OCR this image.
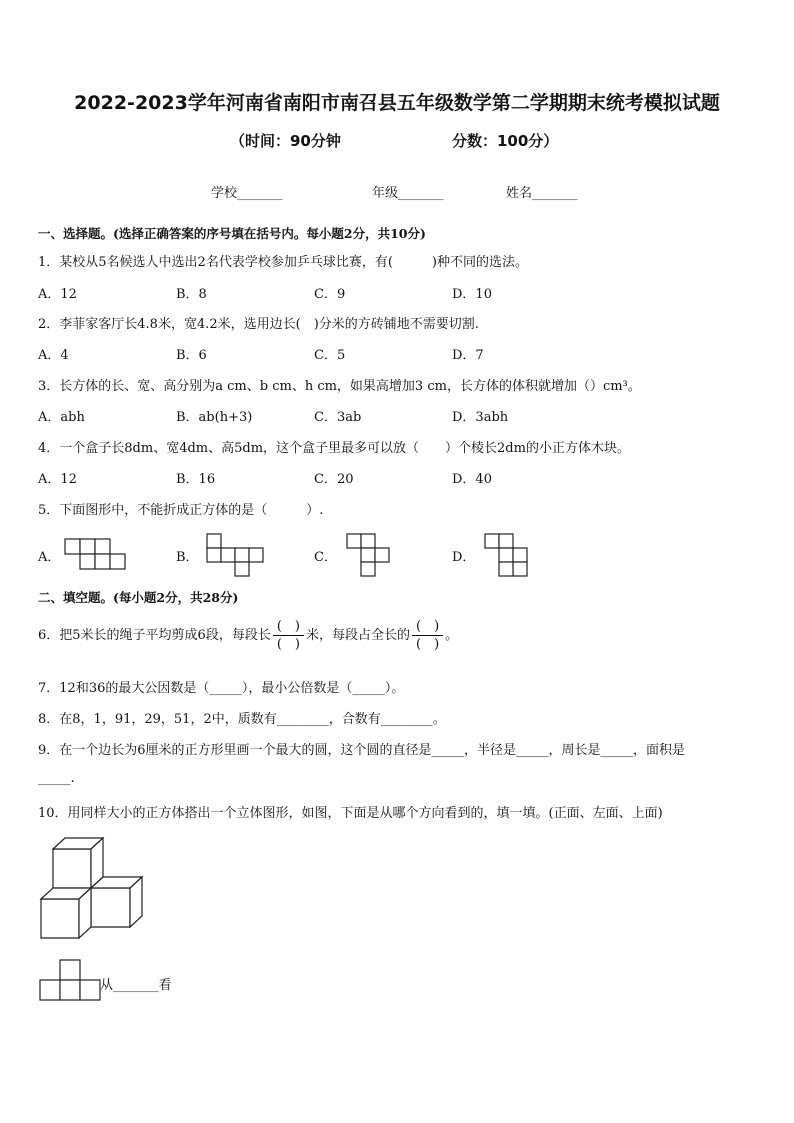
2022-2023学年河南省南阳市南召县五年级数学第二学期期末统考模拟试题
（时间：90分钟	分数：100分）
学校_______	年级_______	姓名_______
一、选择题。(选择正确答案的序号填在括号内。每小题2分，共10分)
1．某校从5名候选人中选出2名代表学校参加乒乓球比赛，有(　　　)种不同的选法。
A．12	B．8	C．9	D．10
2．李菲家客厅长4.8米，宽4.2米，选用边长(　)分米的方砖铺地不需要切割.
A．4	B．6	C．5	D．7
3．长方体的长、宽、高分别为a cm、b cm、h cm，如果高增加3 cm，长方体的体积就增加（）cm³。
A．abh	B．ab(h+3)	C．3ab	D．3abh
4．一个盒子长8dm、宽4dm、高5dm，这个盒子里最多可以放（　　）个棱长2dm的小正方体木块。
A．12	B．16	C．20	D．40
5．下面图形中，不能折成正方体的是（　　　）.
A．	B．	C．	D．
二、填空题。(每小题2分，共28分)
6．把5米长的绳子平均剪成6段，每段长 $\frac{( )}{( )}$ 米，每段占全长的 $\frac{( )}{( )}$ 。
7．12和36的最大公因数是（_____），最小公倍数是（_____）。
8．在8，1，91，29，51，2中，质数有________，合数有________。
9．在一个边长为6厘米的正方形里画一个最大的圆，这个圆的直径是_____，半径是_____，周长是_____，面积是
_____.
10．用同样大小的正方体搭出一个立体图形，如图，下面是从哪个方向看到的，填一填。(正面、左面、上面)
从_______看
